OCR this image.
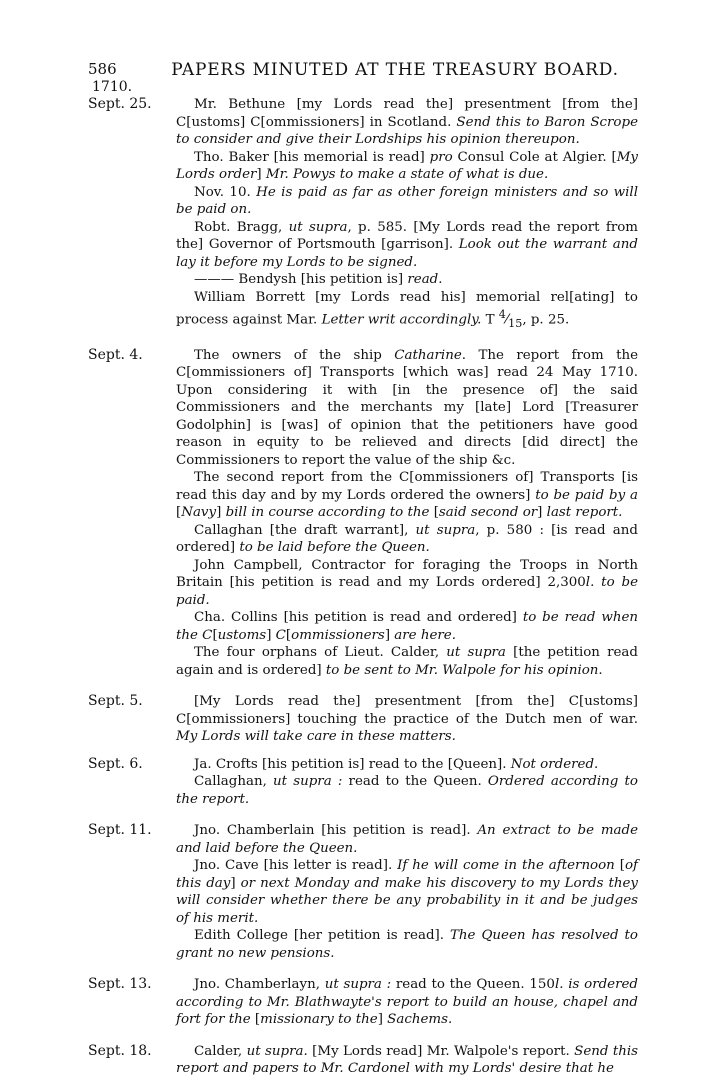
586	PAPERS MINUTED AT THE TREASURY BOARD.
1710.
Sept. 25.	Mr. Bethune [my Lords read the] presentment [from the] C[ustoms] C[ommissioners] in Scotland. Send this to Baron Scrope to consider and give their Lordships his opinion thereupon.

Tho. Baker [his memorial is read] pro Consul Cole at Algier. [My Lords order] Mr. Powys to make a state of what is due.

Nov. 10. He is paid as far as other foreign ministers and so will be paid on.

Robt. Bragg, ut supra, p. 585. [My Lords read the report from the] Governor of Portsmouth [garrison]. Look out the warrant and lay it before my Lords to be signed.

——— Bendysh [his petition is] read.

William Borrett [my Lords read his] memorial rel[ating] to process against Mar. Letter writ accordingly. T $^4⁄_{15}$, p. 25.

Sept. 4.	The owners of the ship Catharine. The report from the C[ommissioners of] Transports [which was] read 24 May 1710. Upon considering it with [in the presence of] the said Commissioners and the merchants my [late] Lord [Treasurer Godolphin] is [was] of opinion that the petitioners have good reason in equity to be relieved and directs [did direct] the Commissioners to report the value of the ship &c.

The second report from the C[ommissioners of] Transports [is read this day and by my Lords ordered the owners] to be paid by a [Navy] bill in course according to the [said second or] last report.

Callaghan [the draft warrant], ut supra, p. 580 : [is read and ordered] to be laid before the Queen.

John Campbell, Contractor for foraging the Troops in North Britain [his petition is read and my Lords ordered] 2,300l. to be paid.

Cha. Collins [his petition is read and ordered] to be read when the C[ustoms] C[ommissioners] are here.

The four orphans of Lieut. Calder, ut supra [the petition read again and is ordered] to be sent to Mr. Walpole for his opinion.

Sept. 5.	[My Lords read the] presentment [from the] C[ustoms] C[ommissioners] touching the practice of the Dutch men of war. My Lords will take care in these matters.

Sept. 6.	Ja. Crofts [his petition is] read to the [Queen]. Not ordered.

Callaghan, ut supra : read to the Queen. Ordered according to the report.

Sept. 11.	Jno. Chamberlain [his petition is read]. An extract to be made and laid before the Queen.

Jno. Cave [his letter is read]. If he will come in the afternoon [of this day] or next Monday and make his discovery to my Lords they will consider whether there be any probability in it and be judges of his merit.

Edith College [her petition is read]. The Queen has resolved to grant no new pensions.

Sept. 13.	Jno. Chamberlayn, ut supra : read to the Queen. 150l. is ordered according to Mr. Blathwayte's report to build an house, chapel and fort for the [missionary to the] Sachems.

Sept. 18.	Calder, ut supra. [My Lords read] Mr. Walpole's report. Send this report and papers to Mr. Cardonel with my Lords' desire that he
